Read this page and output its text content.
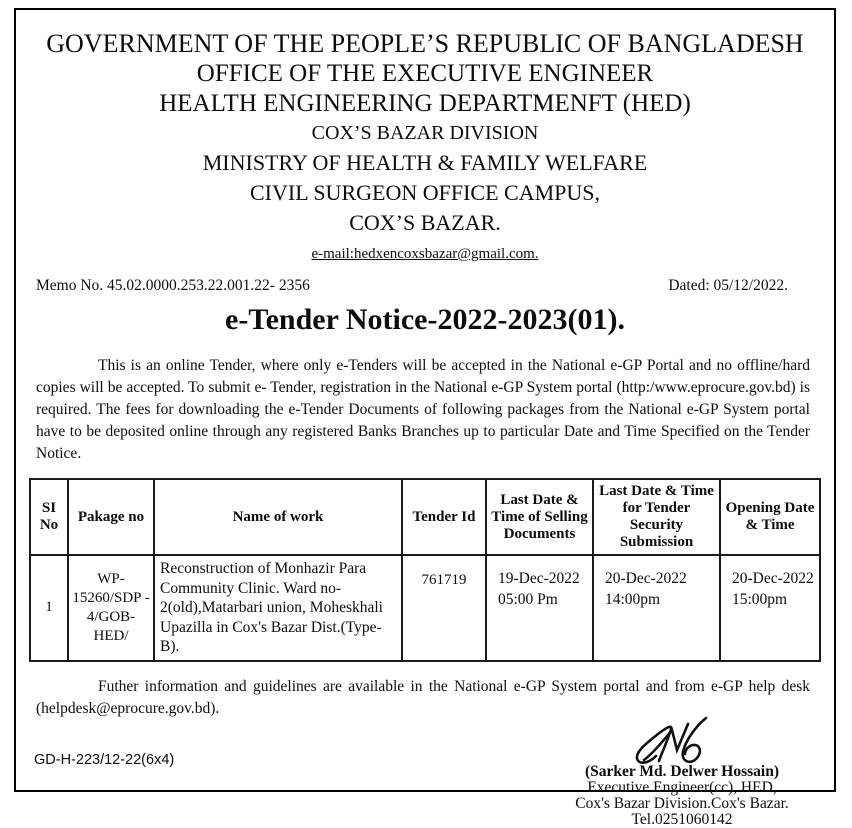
GOVERNMENT OF THE PEOPLE’S REPUBLIC OF BANGLADESH
OFFICE OF THE EXECUTIVE ENGINEER
HEALTH ENGINEERING DEPARTMENFT (HED)
COX’S BAZAR DIVISION
MINISTRY OF HEALTH & FAMILY WELFARE
CIVIL SURGEON OFFICE CAMPUS,
COX’S BAZAR.
e-mail:hedxencoxsbazar@gmail.com.
Memo No. 45.02.0000.253.22.001.22- 2356	Dated: 05/12/2022.
e-Tender Notice-2022-2023(01).
This is an online Tender, where only e-Tenders will be accepted in the National e-GP Portal and no offline/hard copies will be accepted. To submit e- Tender, registration in the National e-GP System portal (http:/www.eprocure.gov.bd) is required. The fees for downloading the e-Tender Documents of following packages from the National e-GP System portal have to be deposited online through any registered Banks Branches up to particular Date and Time Specified on the Tender Notice.
SI No	Pakage no	Name of work	Tender Id	Last Date & Time of Selling Documents	Last Date & Time for Tender Security Submission	Opening Date & Time
1	WP-15260/SDP - 4/GOB-HED/	Reconstruction of Monhazir Para Community Clinic. Ward no-2(old),Matarbari union, Moheskhali Upazilla in Cox's Bazar Dist.(Type-B).	761719	19-Dec-2022 05:00 Pm	20-Dec-2022 14:00pm	20-Dec-2022 15:00pm
Futher information and guidelines are available in the National e-GP System portal and from e-GP help desk (helpdesk@eprocure.gov.bd).
(Sarker Md. Delwer Hossain)
Executive Engineer(cc), HED,
Cox's Bazar Division.Cox's Bazar.
Tel.0251060142
GD-H-223/12-22(6x4)
